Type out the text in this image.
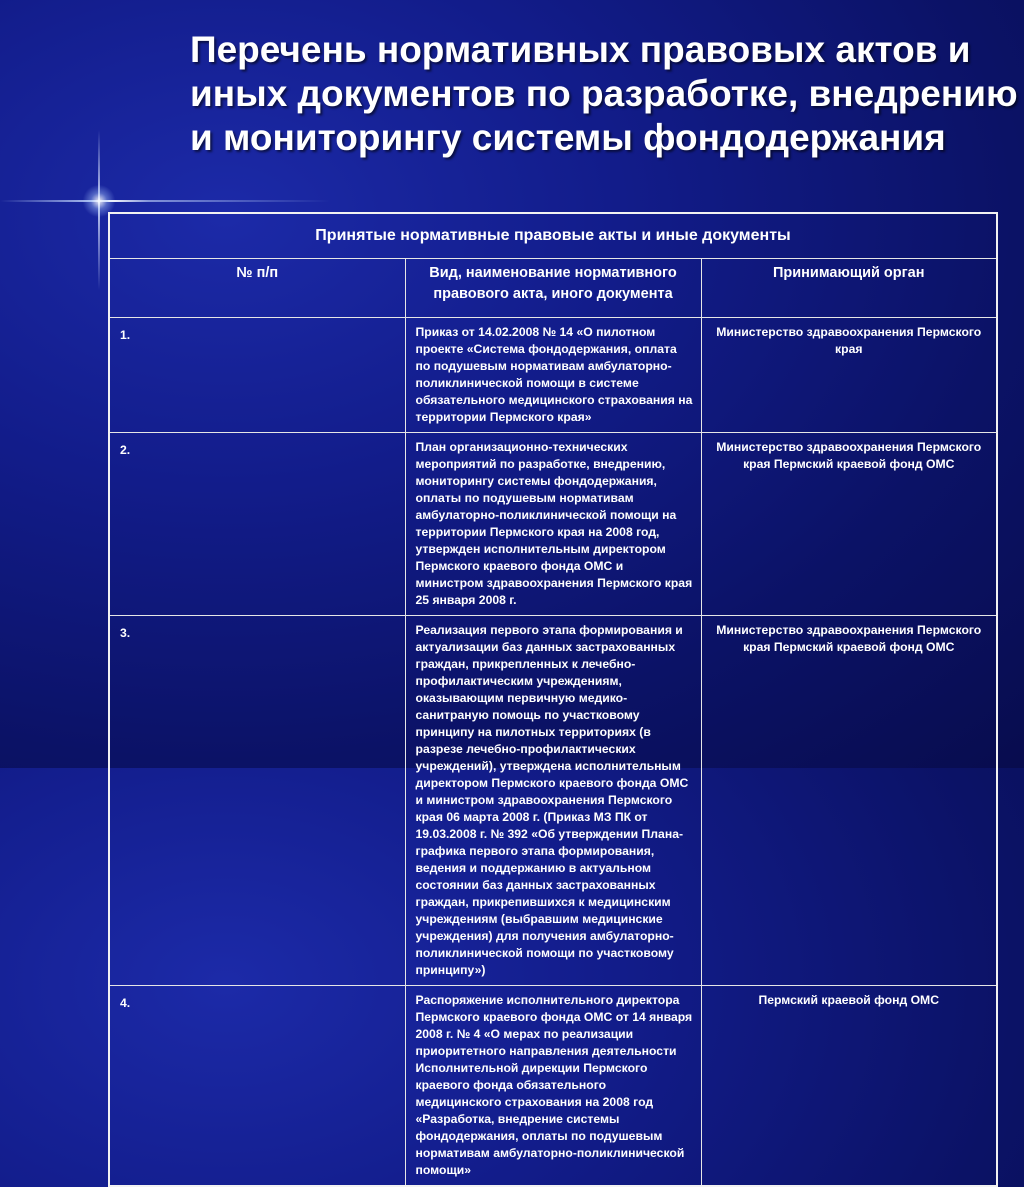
Перечень нормативных правовых актов и иных документов по разработке, внедрению и мониторингу системы фондодержания
Принятые нормативные правовые акты и иные документы		
№ п/п	Вид, наименование нормативного правового акта, иного документа	Принимающий орган
1.	Приказ от 14.02.2008 № 14 «О пилотном проекте «Система фондодержания, оплата по подушевым нормативам амбулаторно-поликлинической помощи в системе обязательного медицинского страхования на территории Пермского края»	Министерство здравоохранения Пермского края
2.	План организационно-технических мероприятий по разработке, внедрению, мониторингу системы фондодержания, оплаты по подушевым нормативам амбулаторно-поликлинической помощи на территории Пермского края на 2008 год, утвержден исполнительным директором Пермского краевого фонда ОМС и министром здравоохранения Пермского края 25 января 2008 г.	Министерство здравоохранения Пермского края Пермский краевой фонд ОМС
3.	Реализация первого этапа формирования и актуализации баз данных застрахованных граждан, прикрепленных к лечебно-профилактическим учреждениям, оказывающим первичную медико-санитраную помощь по участковому принципу на пилотных территориях (в разрезе лечебно-профилактических учреждений), утверждена исполнительным директором Пермского краевого фонда ОМС и министром здравоохранения Пермского края 06 марта 2008 г. (Приказ МЗ ПК от 19.03.2008 г. № 392 «Об утверждении Плана-графика первого этапа формирования, ведения и поддержанию в актуальном состоянии баз данных застрахованных граждан, прикрепившихся к медицинским учреждениям (выбравшим медицинские учреждения) для получения амбулаторно-поликлинической помощи по участковому принципу»)	Министерство здравоохранения Пермского края Пермский краевой фонд ОМС
4.	Распоряжение исполнительного директора Пермского краевого фонда ОМС от 14 января 2008 г. № 4 «О мерах по реализации приоритетного направления деятельности Исполнительной дирекции Пермского краевого фонда обязательного медицинского страхования на 2008 год «Разработка, внедрение системы фондодержания, оплаты по подушевым нормативам амбулаторно-поликлинической помощи»	Пермский краевой фонд ОМС
